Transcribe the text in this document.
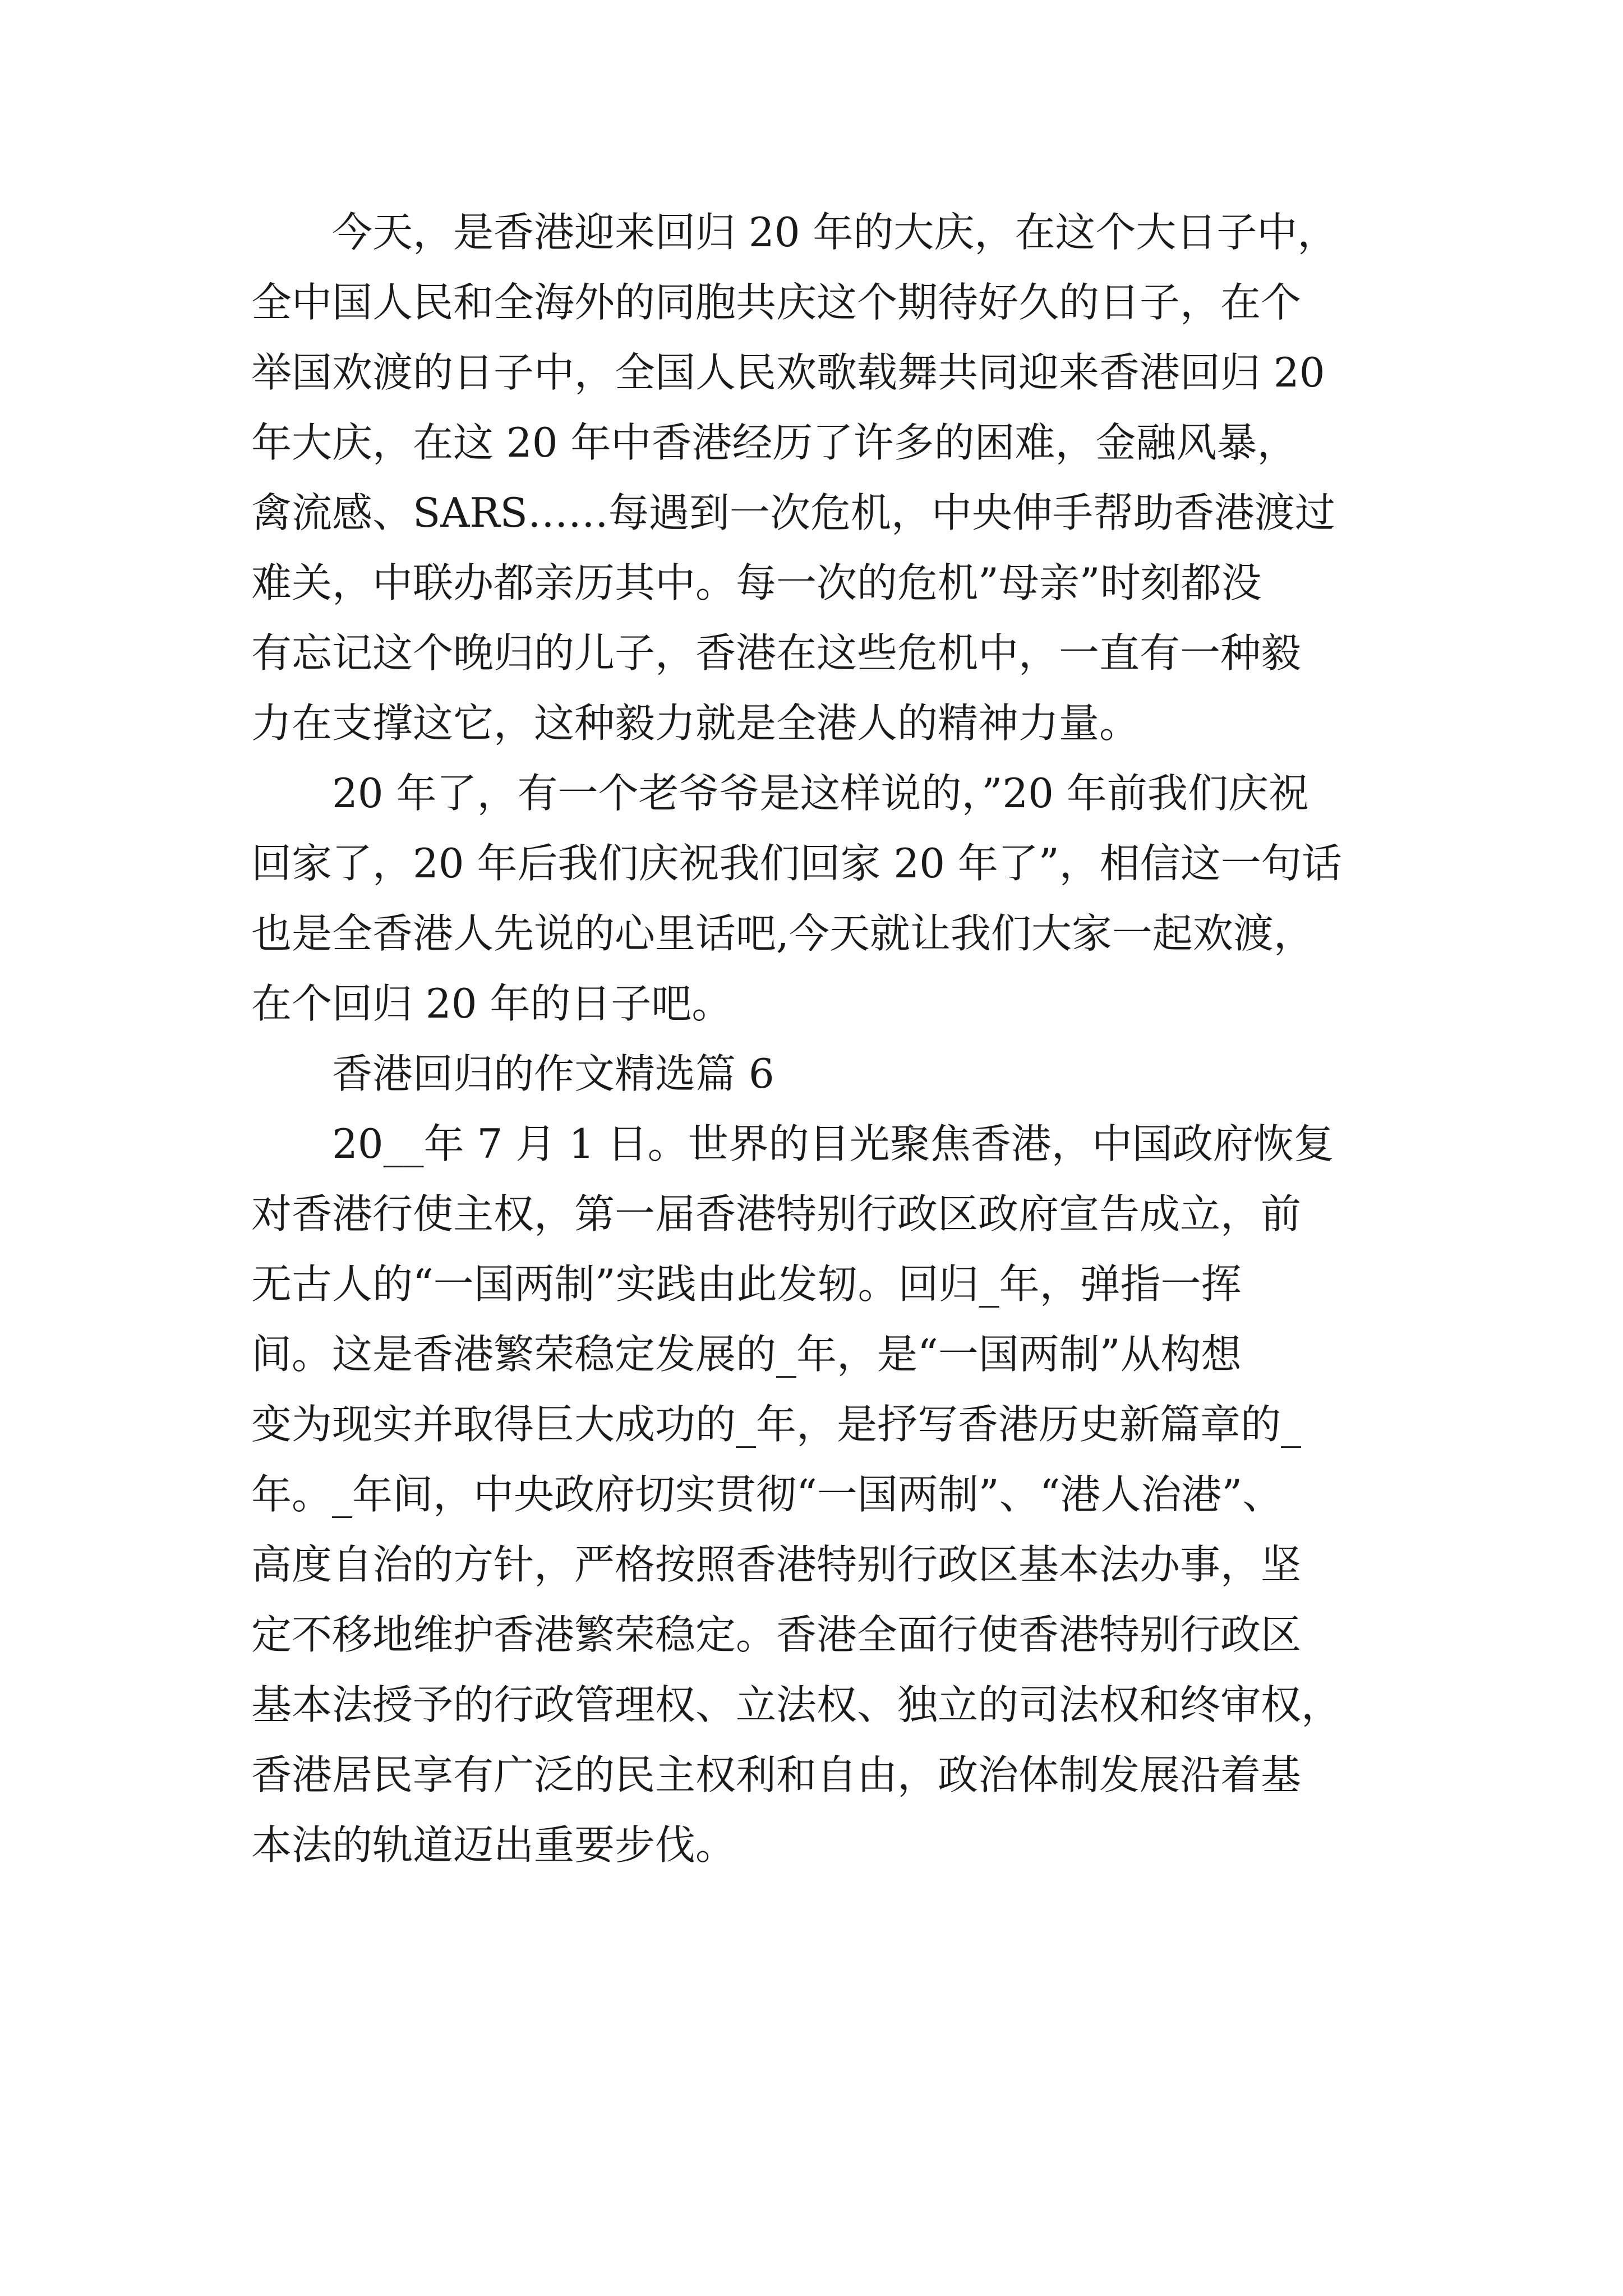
今天，是香港迎来回归 20 年的大庆，在这个大日子中，
全中国人民和全海外的同胞共庆这个期待好久的日子，在个
举国欢渡的日子中，全国人民欢歌载舞共同迎来香港回归 20
年大庆，在这 20 年中香港经历了许多的困难，金融风暴，
禽流感、SARS……每遇到一次危机，中央伸手帮助香港渡过
难关，中联办都亲历其中。每一次的危机”母亲”时刻都没
有忘记这个晚归的儿子，香港在这些危机中，一直有一种毅
力在支撑这它，这种毅力就是全港人的精神力量。
20 年了，有一个老爷爷是这样说的，”20 年前我们庆祝
回家了，20 年后我们庆祝我们回家 20 年了”，相信这一句话
也是全香港人先说的心里话吧,今天就让我们大家一起欢渡，
在个回归 20 年的日子吧。
香港回归的作文精选篇 6
20__年 7 月 1 日。世界的目光聚焦香港，中国政府恢复
对香港行使主权，第一届香港特别行政区政府宣告成立，前
无古人的“一国两制”实践由此发轫。回归_年，弹指一挥
间。这是香港繁荣稳定发展的_年，是“一国两制”从构想
变为现实并取得巨大成功的_年，是抒写香港历史新篇章的_
年。_年间，中央政府切实贯彻“一国两制”、“港人治港”、
高度自治的方针，严格按照香港特别行政区基本法办事，坚
定不移地维护香港繁荣稳定。香港全面行使香港特别行政区
基本法授予的行政管理权、立法权、独立的司法权和终审权，
香港居民享有广泛的民主权利和自由，政治体制发展沿着基
本法的轨道迈出重要步伐。
